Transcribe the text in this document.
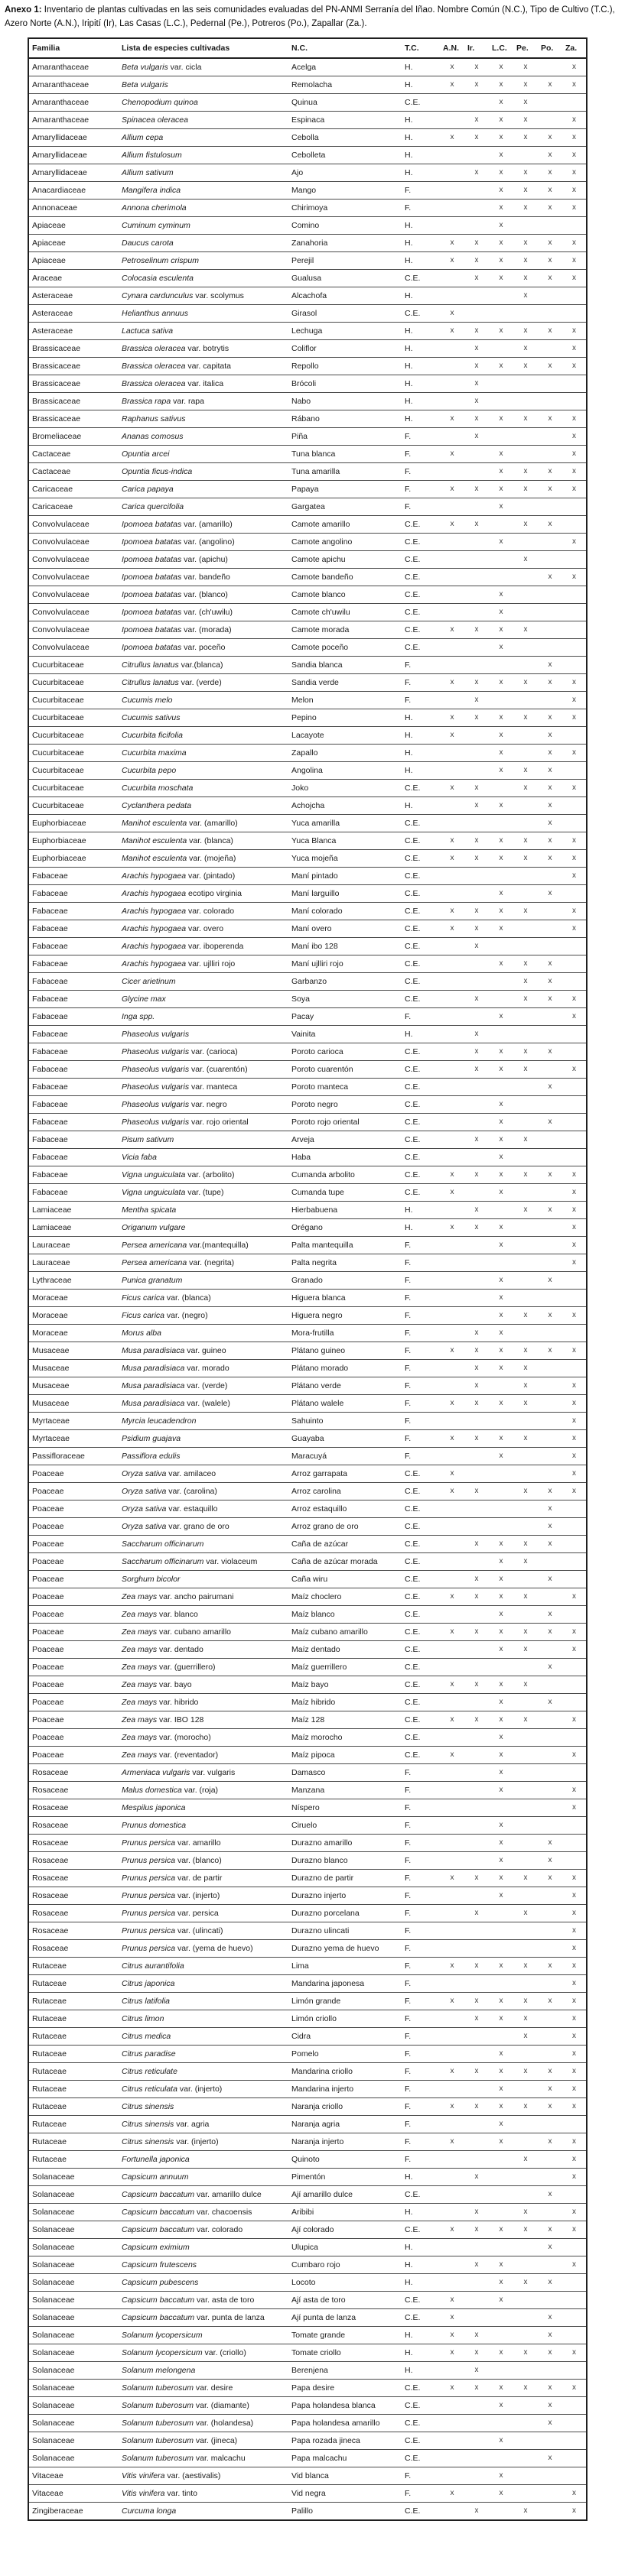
Anexo 1: Inventario de plantas cultivadas en las seis comunidades evaluadas del PN-ANMI Serranía del Iñao. Nombre Común (N.C.), Tipo de Cultivo (T.C.), Azero Norte (A.N.), Iripití (Ir), Las Casas (L.C.), Pedernal (Pe.), Potreros (Po.), Zapallar (Za.).

Familia	Lista de especies cultivadas	N.C.	T.C.	A.N.	Ir.	L.C.	Pe.	Po.	Za.
Amaranthaceae	Beta vulgaris var. cicla	Acelga	H.	x	x	x	x		x
Amaranthaceae	Beta vulgaris	Remolacha	H.	x	x	x	x	x	x
Amaranthaceae	Chenopodium quinoa	Quinua	C.E.			x	x		
Amaranthaceae	Spinacea oleracea	Espinaca	H.		x	x	x		x
Amaryllidaceae	Allium cepa	Cebolla	H.	x	x	x	x	x	x
Amaryllidaceae	Allium fistulosum	Cebolleta	H.			x		x	x
Amaryllidaceae	Allium sativum	Ajo	H.		x	x	x	x	x
Anacardiaceae	Mangifera indica	Mango	F.			x	x	x	x
Annonaceae	Annona cherimola	Chirimoya	F.			x	x	x	x
Apiaceae	Cuminum cyminum	Comino	H.			x			
Apiaceae	Daucus carota	Zanahoria	H.	x	x	x	x	x	x
Apiaceae	Petroselinum crispum	Perejil	H.	x	x	x	x	x	x
Araceae	Colocasia esculenta	Gualusa	C.E.		x	x	x	x	x
Asteraceae	Cynara cardunculus var. scolymus	Alcachofa	H.				x		
Asteraceae	Helianthus annuus	Girasol	C.E.	x					
Asteraceae	Lactuca sativa	Lechuga	H.	x	x	x	x	x	x
Brassicaceae	Brassica oleracea var. botrytis	Coliflor	H.		x		x		x
Brassicaceae	Brassica oleracea var. capitata	Repollo	H.		x	x	x	x	x
Brassicaceae	Brassica oleracea var. italica	Brócoli	H.		x				
Brassicaceae	Brassica rapa var. rapa	Nabo	H.		x				
Brassicaceae	Raphanus sativus	Rábano	H.	x	x	x	x	x	x
Bromeliaceae	Ananas comosus	Piña	F.		x				x
Cactaceae	Opuntia arcei	Tuna blanca	F.	x		x			x
Cactaceae	Opuntia ficus-indica	Tuna amarilla	F.			x	x	x	x
Caricaceae	Carica papaya	Papaya	F.	x	x	x	x	x	x
Caricaceae	Carica quercifolia	Gargatea	F.			x			
Convolvulaceae	Ipomoea batatas var. (amarillo)	Camote amarillo	C.E.	x	x		x	x	
Convolvulaceae	Ipomoea batatas var. (angolino)	Camote angolino	C.E.			x			x
Convolvulaceae	Ipomoea batatas var. (apichu)	Camote apichu	C.E.				x		
Convolvulaceae	Ipomoea batatas var. bandeño	Camote bandeño	C.E.					x	x
Convolvulaceae	Ipomoea batatas var. (blanco)	Camote blanco	C.E.			x			
Convolvulaceae	Ipomoea batatas var. (ch'uwilu)	Camote ch'uwilu	C.E.			x			
Convolvulaceae	Ipomoea batatas var. (morada)	Camote morada	C.E.	x	x	x	x		
Convolvulaceae	Ipomoea batatas var. poceño	Camote poceño	C.E.			x			
Cucurbitaceae	Citrullus lanatus var.(blanca)	Sandia blanca	F.					x	
Cucurbitaceae	Citrullus lanatus var. (verde)	Sandia verde	F.	x	x	x	x	x	x
Cucurbitaceae	Cucumis melo	Melon	F.		x				x
Cucurbitaceae	Cucumis sativus	Pepino	H.	x	x	x	x	x	x
Cucurbitaceae	Cucurbita ficifolia	Lacayote	H.	x		x		x	
Cucurbitaceae	Cucurbita maxima	Zapallo	H.			x		x	x
Cucurbitaceae	Cucurbita pepo	Angolina	H.			x	x	x	
Cucurbitaceae	Cucurbita moschata	Joko	C.E.	x	x		x	x	x
Cucurbitaceae	Cyclanthera pedata	Achojcha	H.		x	x		x	
Euphorbiaceae	Manihot esculenta var. (amarillo)	Yuca amarilla	C.E.					x	
Euphorbiaceae	Manihot esculenta var. (blanca)	Yuca Blanca	C.E.	x	x	x	x	x	x
Euphorbiaceae	Manihot esculenta var. (mojeña)	Yuca mojeña	C.E.	x	x	x	x	x	x
Fabaceae	Arachis hypogaea var. (pintado)	Maní pintado	C.E.						x
Fabaceae	Arachis hypogaea ecotipo virginia	Maní larguillo	C.E.			x		x	
Fabaceae	Arachis hypogaea var. colorado	Maní colorado	C.E.	x	x	x	x		x
Fabaceae	Arachis hypogaea var. overo	Maní overo	C.E.	x	x	x			x
Fabaceae	Arachis hypogaea var. iboperenda	Maní ibo 128	C.E.		x				
Fabaceae	Arachis hypogaea var. ujlliri rojo	Maní ujlliri rojo	C.E.			x	x	x	
Fabaceae	Cicer arietinum	Garbanzo	C.E.				x	x	
Fabaceae	Glycine max	Soya	C.E.		x		x	x	x
Fabaceae	Inga spp.	Pacay	F.			x			x
Fabaceae	Phaseolus vulgaris	Vainita	H.		x				
Fabaceae	Phaseolus vulgaris var. (carioca)	Poroto carioca	C.E.		x	x	x	x	
Fabaceae	Phaseolus vulgaris var. (cuarentón)	Poroto cuarentón	C.E.		x	x	x		x
Fabaceae	Phaseolus vulgaris var. manteca	Poroto manteca	C.E.					x	
Fabaceae	Phaseolus vulgaris var. negro	Poroto negro	C.E.			x			
Fabaceae	Phaseolus vulgaris var. rojo oriental	Poroto rojo oriental	C.E.			x		x	
Fabaceae	Pisum sativum	Arveja	C.E.		x	x	x		
Fabaceae	Vicia faba	Haba	C.E.			x			
Fabaceae	Vigna unguiculata var. (arbolito)	Cumanda arbolito	C.E.	x	x	x	x	x	x
Fabaceae	Vigna unguiculata var. (tupe)	Cumanda tupe	C.E.	x		x			x
Lamiaceae	Mentha spicata	Hierbabuena	H.		x		x	x	x
Lamiaceae	Origanum vulgare	Orégano	H.	x	x	x			x
Lauraceae	Persea americana var.(mantequilla)	Palta mantequilla	F.			x			x
Lauraceae	Persea americana var. (negrita)	Palta negrita	F.						x
Lythraceae	Punica granatum	Granado	F.			x		x	
Moraceae	Ficus carica var. (blanca)	Higuera blanca	F.			x			
Moraceae	Ficus carica var. (negro)	Higuera negro	F.			x	x	x	x
Moraceae	Morus alba	Mora-frutilla	F.		x	x			
Musaceae	Musa paradisiaca var. guineo	Plátano guineo	F.	x	x	x	x	x	x
Musaceae	Musa paradisiaca var. morado	Plátano morado	F.		x	x	x		
Musaceae	Musa paradisiaca var. (verde)	Plátano verde	F.		x		x		x
Musaceae	Musa paradisiaca var. (walele)	Plátano walele	F.	x	x	x	x		x
Myrtaceae	Myrcia leucadendron	Sahuinto	F.						x
Myrtaceae	Psidium guajava	Guayaba	F.	x	x	x	x		x
Passifloraceae	Passiflora edulis	Maracuyá	F.			x			x
Poaceae	Oryza sativa var. amilaceo	Arroz garrapata	C.E.	x					x
Poaceae	Oryza sativa var. (carolina)	Arroz carolina	C.E.	x	x		x	x	x
Poaceae	Oryza sativa var. estaquillo	Arroz estaquillo	C.E.					x	
Poaceae	Oryza sativa var. grano de oro	Arroz grano de oro	C.E.					x	
Poaceae	Saccharum officinarum	Caña de azúcar	C.E.		x	x	x	x	
Poaceae	Saccharum officinarum var. violaceum	Caña de azúcar morada	C.E.			x	x		
Poaceae	Sorghum bicolor	Caña wiru	C.E.		x	x		x	
Poaceae	Zea mays var. ancho pairumani	Maíz choclero	C.E.	x	x	x	x		x
Poaceae	Zea mays var. blanco	Maíz blanco	C.E.			x		x	
Poaceae	Zea mays var. cubano amarillo	Maíz cubano amarillo	C.E.	x	x	x	x	x	x
Poaceae	Zea mays var. dentado	Maíz dentado	C.E.			x	x		x
Poaceae	Zea mays var. (guerrillero)	Maíz guerrillero	C.E.					x	
Poaceae	Zea mays var. bayo	Maíz bayo	C.E.	x	x	x	x		
Poaceae	Zea mays var. hibrido	Maíz hibrido	C.E.			x		x	
Poaceae	Zea mays var. IBO 128	Maíz 128	C.E.	x	x	x	x		x
Poaceae	Zea mays var. (morocho)	Maíz morocho	C.E.			x			
Poaceae	Zea mays var. (reventador)	Maíz pipoca	C.E.	x		x			x
Rosaceae	Armeniaca vulgaris var. vulgaris	Damasco	F.			x			
Rosaceae	Malus domestica var. (roja)	Manzana	F.			x			x
Rosaceae	Mespilus japonica	Níspero	F.						x
Rosaceae	Prunus domestica	Ciruelo	F.			x			
Rosaceae	Prunus persica var. amarillo	Durazno amarillo	F.			x		x	
Rosaceae	Prunus persica var. (blanco)	Durazno blanco	F.			x		x	
Rosaceae	Prunus persica var. de partir	Durazno de partir	F.	x	x	x	x	x	x
Rosaceae	Prunus persica var. (injerto)	Durazno injerto	F.			x			x
Rosaceae	Prunus persica var. persica	Durazno porcelana	F.		x		x		x
Rosaceae	Prunus persica var. (ulincati)	Durazno ulincati	F.						x
Rosaceae	Prunus persica var. (yema de huevo)	Durazno yema de huevo	F.						x
Rutaceae	Citrus aurantifolia	Lima	F.	x	x	x	x	x	x
Rutaceae	Citrus japonica	Mandarina japonesa	F.						x
Rutaceae	Citrus latifolia	Limón grande	F.	x	x	x	x	x	x
Rutaceae	Citrus limon	Limón criollo	F.		x	x	x		x
Rutaceae	Citrus medica	Cidra	F.				x		x
Rutaceae	Citrus paradise	Pomelo	F.			x			x
Rutaceae	Citrus reticulate	Mandarina criollo	F.	x	x	x	x	x	x
Rutaceae	Citrus reticulata var. (injerto)	Mandarina injerto	F.			x		x	x
Rutaceae	Citrus sinensis	Naranja criollo	F.	x	x	x	x	x	x
Rutaceae	Citrus sinensis var. agria	Naranja agria	F.			x			
Rutaceae	Citrus sinensis var. (injerto)	Naranja injerto	F.	x		x		x	x
Rutaceae	Fortunella japonica	Quinoto	F.				x		x
Solanaceae	Capsicum annuum	Pimentón	H.		x				x
Solanaceae	Capsicum baccatum var. amarillo dulce	Ají amarillo dulce	C.E.					x	
Solanaceae	Capsicum baccatum var. chacoensis	Aribibi	H.		x		x		x
Solanaceae	Capsicum baccatum var. colorado	Ají colorado	C.E.	x	x	x	x	x	x
Solanaceae	Capsicum eximium	Ulupica	H.					x	
Solanaceae	Capsicum frutescens	Cumbaro rojo	H.		x	x			x
Solanaceae	Capsicum pubescens	Locoto	H.			x	x	x	
Solanaceae	Capsicum baccatum var. asta de toro	Ají asta de toro	C.E.	x		x			
Solanaceae	Capsicum baccatum var. punta de lanza	Ají punta de lanza	C.E.	x				x	
Solanaceae	Solanum lycopersicum	Tomate grande	H.	x	x			x	
Solanaceae	Solanum lycopersicum var. (criollo)	Tomate criollo	H.	x	x	x	x	x	x
Solanaceae	Solanum melongena	Berenjena	H.		x				
Solanaceae	Solanum tuberosum var. desire	Papa desire	C.E.	x	x	x	x	x	x
Solanaceae	Solanum tuberosum var. (diamante)	Papa holandesa blanca	C.E.			x		x	
Solanaceae	Solanum tuberosum var. (holandesa)	Papa holandesa amarillo	C.E.					x	
Solanaceae	Solanum tuberosum var. (jineca)	Papa rozada jineca	C.E.			x			
Solanaceae	Solanum tuberosum var. malcachu	Papa malcachu	C.E.					x	
Vitaceae	Vitis vinifera var. (aestivalis)	Vid blanca	F.			x			
Vitaceae	Vitis vinifera var. tinto	Vid negra	F.	x		x			x
Zingiberaceae	Curcuma longa	Palillo	C.E.		x		x		x
